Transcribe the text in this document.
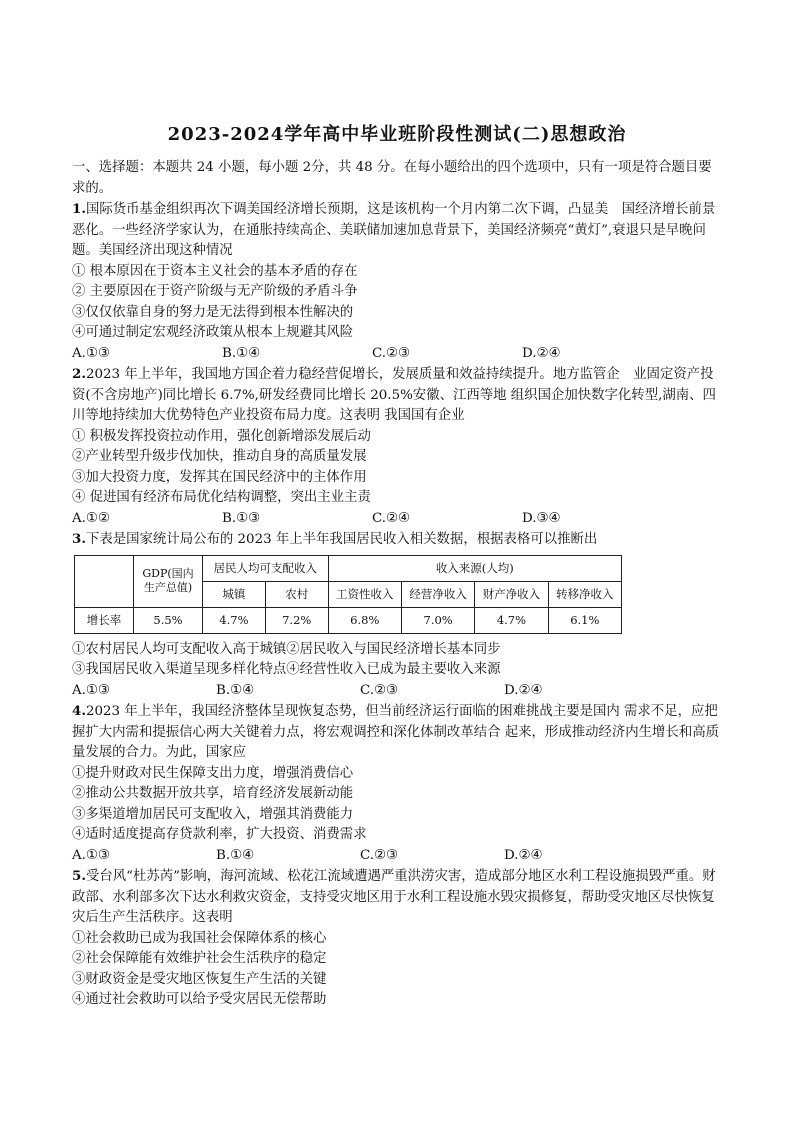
2023-2024学年高中毕业班阶段性测试(二)思想政治

一、选择题：本题共 24 小题，每小题 2分，共 48 分。在每小题给出的四个选项中，只有一项是符合题目要求的。

1.国际货币基金组织再次下调美国经济增长预期，这是该机构一个月内第二次下调，凸显美　国经济增长前景恶化。一些经济学家认为，在通胀持续高企、美联储加速加息背景下，美国经济频亮“黄灯”,衰退只是早晚问题。美国经济出现这种情况

① 根本原因在于资本主义社会的基本矛盾的存在

② 主要原因在于资产阶级与无产阶级的矛盾斗争

③仅仅依靠自身的努力是无法得到根本性解决的

④可通过制定宏观经济政策从根本上规避其风险

A.①③	B.①④	C.②③	D.②④

2.2023 年上半年，我国地方国企着力稳经营促增长，发展质量和效益持续提升。地方监管企　业固定资产投资(不含房地产)同比增长 6.7%,研发经费同比增长 20.5%安徽、江西等地 组织国企加快数字化转型,湖南、四川等地持续加大优势特色产业投资布局力度。这表明 我国国有企业

① 积极发挥投资拉动作用，强化创新增添发展后动

②产业转型升级步伐加快，推动自身的高质量发展

③加大投资力度，发挥其在国民经济中的主体作用

④ 促进国有经济布局优化结构调整，突出主业主责

A.①②	B.①③	C.②④	D.③④

3.下表是国家统计局公布的 2023 年上半年我国居民收入相关数据，根据表格可以推断出

	GDP(国内生产总值)	居民人均可支配收入		收入来源(人均)			
		城镇	农村	工资性收入	经营净收入	财产净收入	转移净收入
增长率	5.5%	4.7%	7.2%	6.8%	7.0%	4.7%	6.1%

①农村居民人均可支配收入高于城镇②居民收入与国民经济增长基本同步

③我国居民收入渠道呈现多样化特点④经营性收入已成为最主要收入来源

A.①③	B.①④	C.②③	D.②④

4.2023 年上半年，我国经济整体呈现恢复态势，但当前经济运行面临的困难挑战主要是国内 需求不足，应把握扩大内需和提振信心两大关键着力点，将宏观调控和深化体制改革结合 起来，形成推动经济内生增长和高质量发展的合力。为此，国家应

①提升财政对民生保障支出力度，增强消费信心

②推动公共数据开放共享，培育经济发展新动能

③多渠道增加居民可支配收入，增强其消费能力

④适时适度提高存贷款利率，扩大投资、消费需求

A.①③	B.①④	C.②③	D.②④

5.受台风“杜苏芮”影响，海河流域、松花江流域遭遇严重洪涝灾害，造成部分地区水利工程设施损毁严重。财政部、水利部多次下达水利救灾资金，支持受灾地区用于水利工程设施水毁灾损修复，帮助受灾地区尽快恢复灾后生产生活秩序。这表明

①社会救助已成为我国社会保障体系的核心

②社会保障能有效维护社会生活秩序的稳定

③财政资金是受灾地区恢复生产生活的关键

④通过社会救助可以给予受灾居民无偿帮助
